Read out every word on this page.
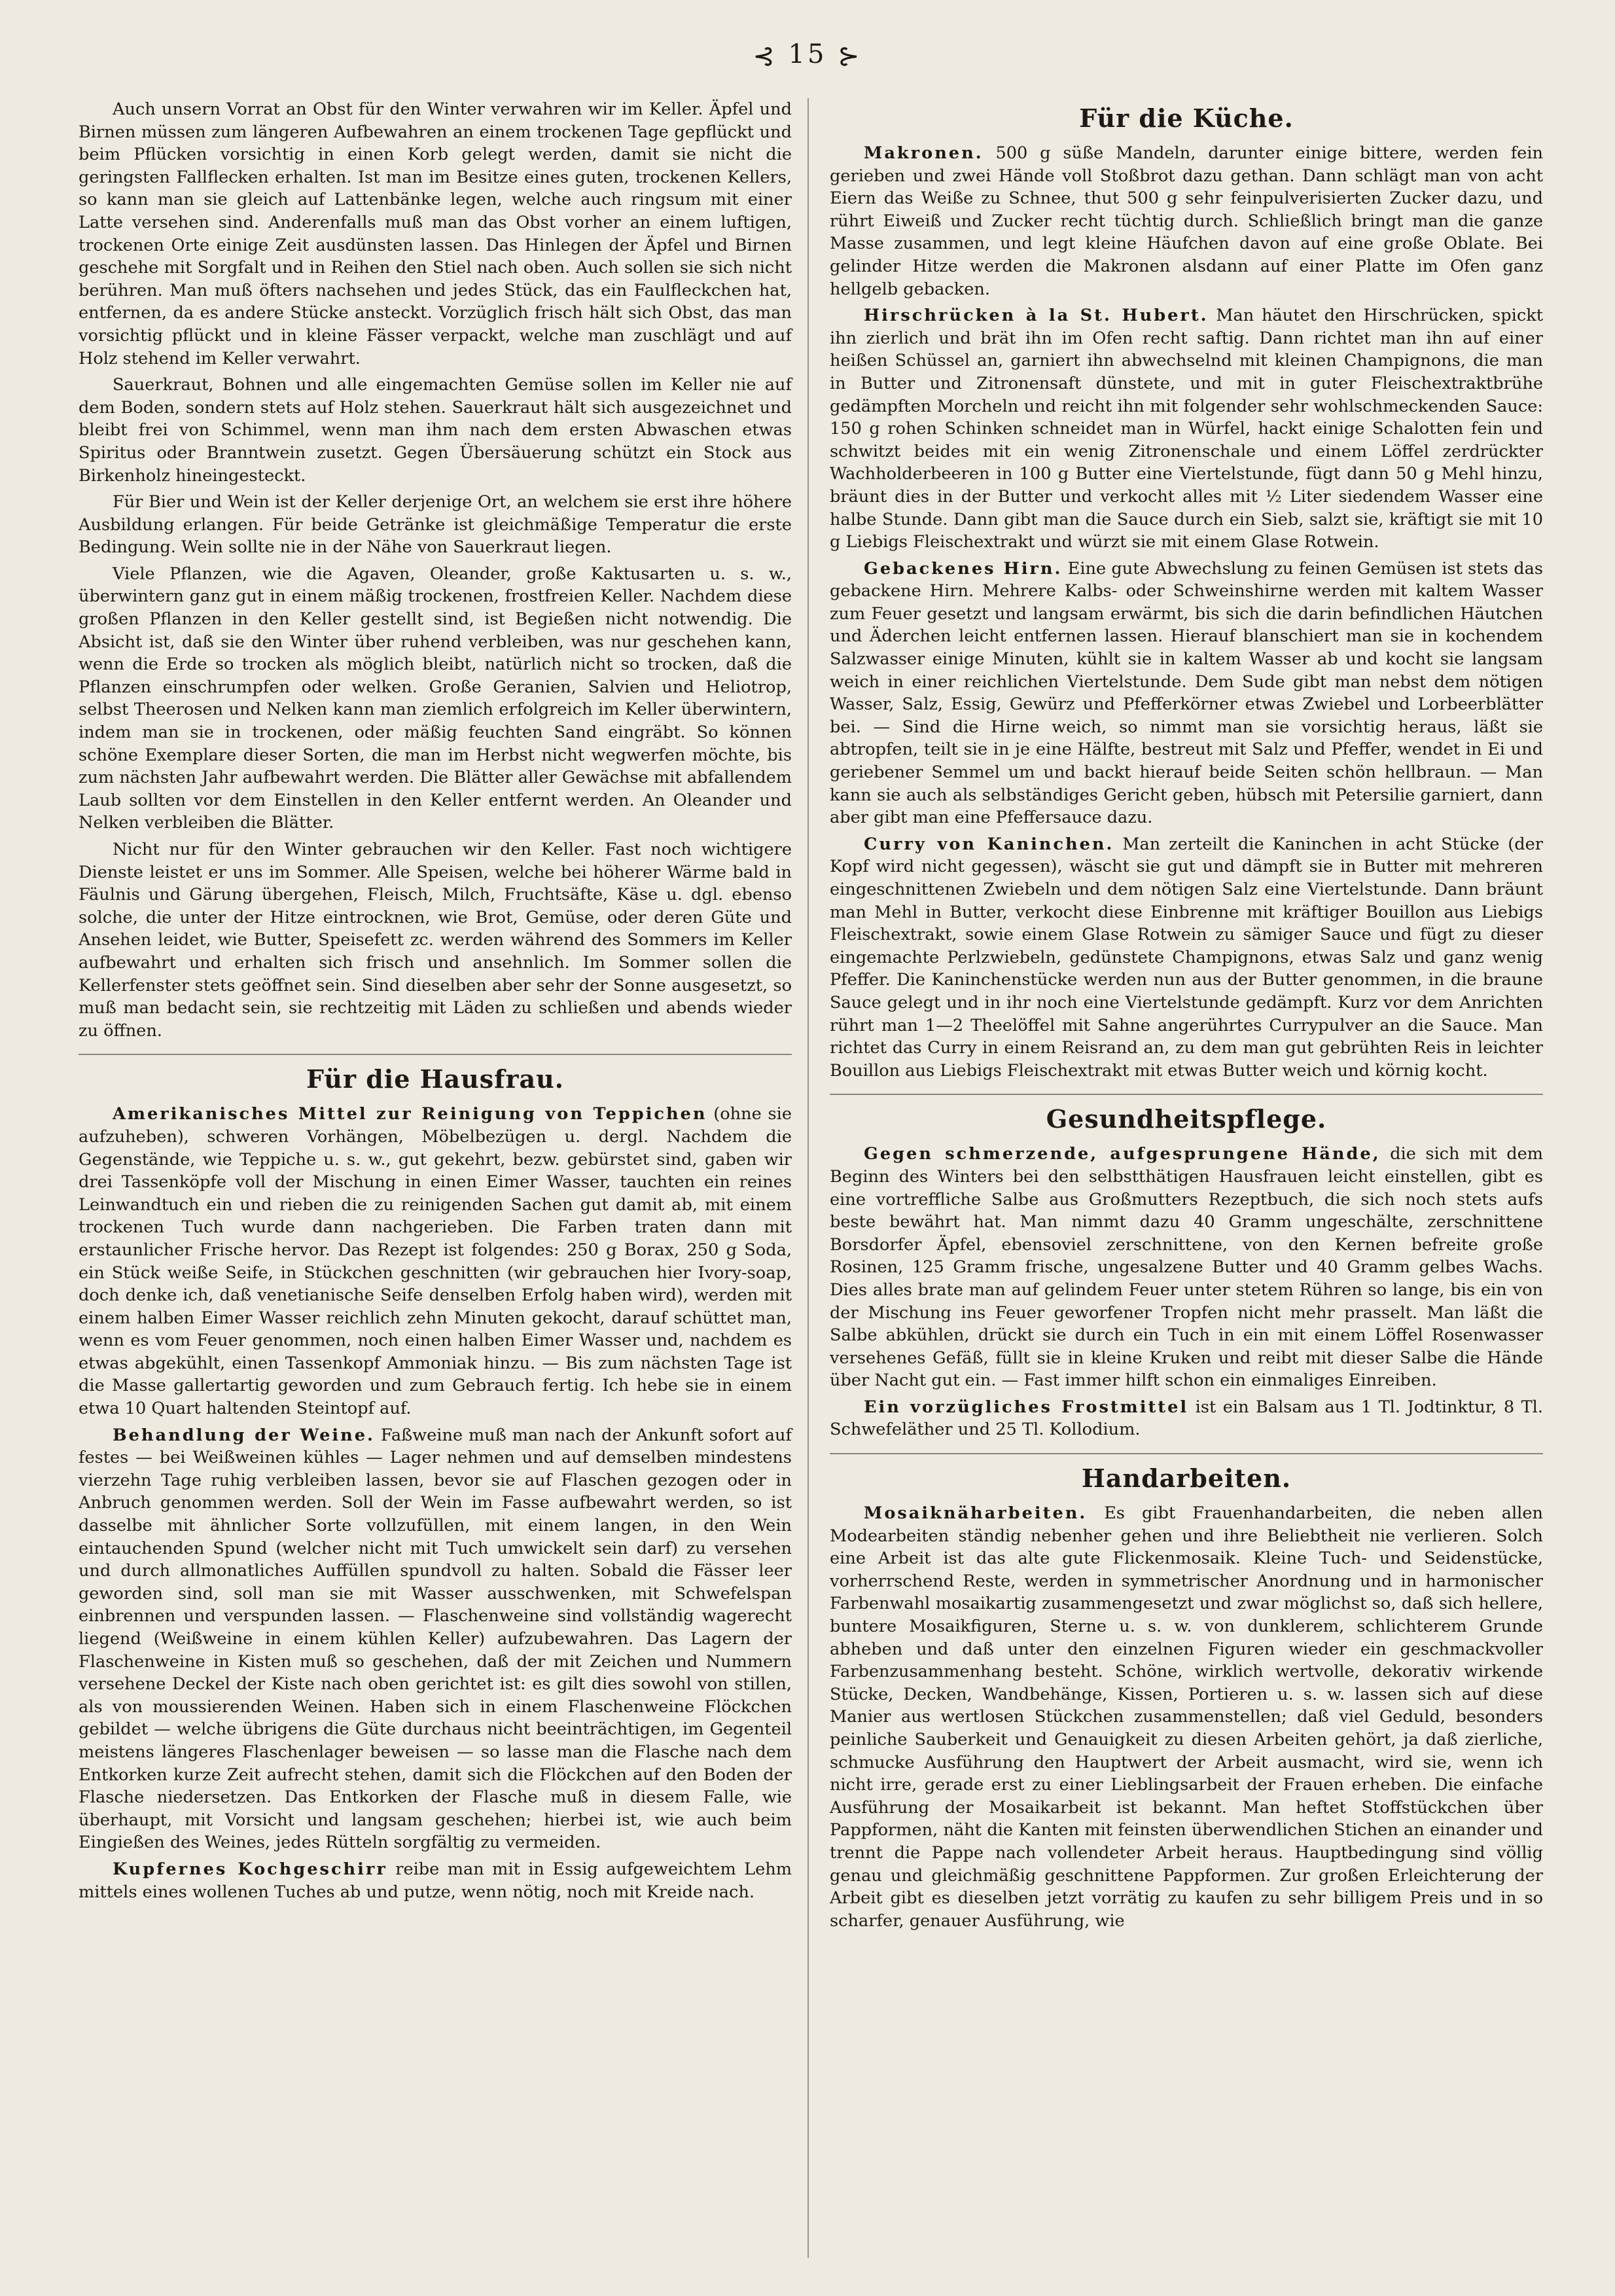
⊰ 15 ⊱

Auch unsern Vorrat an Obst für den Winter verwahren wir im Keller. Äpfel und Birnen müssen zum längeren Aufbewahren an einem trockenen Tage gepflückt und beim Pflücken vorsichtig in einen Korb gelegt werden, damit sie nicht die geringsten Fallflecken erhalten. Ist man im Besitze eines guten, trockenen Kellers, so kann man sie gleich auf Lattenbänke legen, welche auch ringsum mit einer Latte versehen sind. Anderenfalls muß man das Obst vorher an einem luftigen, trockenen Orte einige Zeit ausdünsten lassen. Das Hinlegen der Äpfel und Birnen geschehe mit Sorgfalt und in Reihen den Stiel nach oben. Auch sollen sie sich nicht berühren. Man muß öfters nachsehen und jedes Stück, das ein Faulfleckchen hat, entfernen, da es andere Stücke ansteckt. Vorzüglich frisch hält sich Obst, das man vorsichtig pflückt und in kleine Fässer verpackt, welche man zuschlägt und auf Holz stehend im Keller verwahrt.

Sauerkraut, Bohnen und alle eingemachten Gemüse sollen im Keller nie auf dem Boden, sondern stets auf Holz stehen. Sauerkraut hält sich ausgezeichnet und bleibt frei von Schimmel, wenn man ihm nach dem ersten Abwaschen etwas Spiritus oder Branntwein zusetzt. Gegen Übersäuerung schützt ein Stock aus Birkenholz hineingesteckt.

Für Bier und Wein ist der Keller derjenige Ort, an welchem sie erst ihre höhere Ausbildung erlangen. Für beide Getränke ist gleichmäßige Temperatur die erste Bedingung. Wein sollte nie in der Nähe von Sauerkraut liegen.

Viele Pflanzen, wie die Agaven, Oleander, große Kaktusarten u. s. w., überwintern ganz gut in einem mäßig trockenen, frostfreien Keller. Nachdem diese großen Pflanzen in den Keller gestellt sind, ist Begießen nicht notwendig. Die Absicht ist, daß sie den Winter über ruhend verbleiben, was nur geschehen kann, wenn die Erde so trocken als möglich bleibt, natürlich nicht so trocken, daß die Pflanzen einschrumpfen oder welken. Große Geranien, Salvien und Heliotrop, selbst Theerosen und Nelken kann man ziemlich erfolgreich im Keller überwintern, indem man sie in trockenen, oder mäßig feuchten Sand eingräbt. So können schöne Exemplare dieser Sorten, die man im Herbst nicht wegwerfen möchte, bis zum nächsten Jahr aufbewahrt werden. Die Blätter aller Gewächse mit abfallendem Laub sollten vor dem Einstellen in den Keller entfernt werden. An Oleander und Nelken verbleiben die Blätter.

Nicht nur für den Winter gebrauchen wir den Keller. Fast noch wichtigere Dienste leistet er uns im Sommer. Alle Speisen, welche bei höherer Wärme bald in Fäulnis und Gärung übergehen, Fleisch, Milch, Fruchtsäfte, Käse u. dgl. ebenso solche, die unter der Hitze eintrocknen, wie Brot, Gemüse, oder deren Güte und Ansehen leidet, wie Butter, Speisefett zc. werden während des Sommers im Keller aufbewahrt und erhalten sich frisch und ansehnlich. Im Sommer sollen die Kellerfenster stets geöffnet sein. Sind dieselben aber sehr der Sonne ausgesetzt, so muß man bedacht sein, sie rechtzeitig mit Läden zu schließen und abends wieder zu öffnen.

Für die Hausfrau.

Amerikanisches Mittel zur Reinigung von Teppichen (ohne sie aufzuheben), schweren Vorhängen, Möbelbezügen u. dergl. Nachdem die Gegenstände, wie Teppiche u. s. w., gut gekehrt, bezw. gebürstet sind, gaben wir drei Tassenköpfe voll der Mischung in einen Eimer Wasser, tauchten ein reines Leinwandtuch ein und rieben die zu reinigenden Sachen gut damit ab, mit einem trockenen Tuch wurde dann nachgerieben. Die Farben traten dann mit erstaunlicher Frische hervor. Das Rezept ist folgendes: 250 g Borax, 250 g Soda, ein Stück weiße Seife, in Stückchen geschnitten (wir gebrauchen hier Ivory-soap, doch denke ich, daß venetianische Seife denselben Erfolg haben wird), werden mit einem halben Eimer Wasser reichlich zehn Minuten gekocht, darauf schüttet man, wenn es vom Feuer genommen, noch einen halben Eimer Wasser und, nachdem es etwas abgekühlt, einen Tassenkopf Ammoniak hinzu. — Bis zum nächsten Tage ist die Masse gallertartig geworden und zum Gebrauch fertig. Ich hebe sie in einem etwa 10 Quart haltenden Steintopf auf.

Behandlung der Weine. Faßweine muß man nach der Ankunft sofort auf festes — bei Weißweinen kühles — Lager nehmen und auf demselben mindestens vierzehn Tage ruhig verbleiben lassen, bevor sie auf Flaschen gezogen oder in Anbruch genommen werden. Soll der Wein im Fasse aufbewahrt werden, so ist dasselbe mit ähnlicher Sorte vollzufüllen, mit einem langen, in den Wein eintauchenden Spund (welcher nicht mit Tuch umwickelt sein darf) zu versehen und durch allmonatliches Auffüllen spundvoll zu halten. Sobald die Fässer leer geworden sind, soll man sie mit Wasser ausschwenken, mit Schwefelspan einbrennen und verspunden lassen. — Flaschenweine sind vollständig wagerecht liegend (Weißweine in einem kühlen Keller) aufzubewahren. Das Lagern der Flaschenweine in Kisten muß so geschehen, daß der mit Zeichen und Nummern versehene Deckel der Kiste nach oben gerichtet ist: es gilt dies sowohl von stillen, als von moussierenden Weinen. Haben sich in einem Flaschenweine Flöckchen gebildet — welche übrigens die Güte durchaus nicht beeinträchtigen, im Gegenteil meistens längeres Flaschenlager beweisen — so lasse man die Flasche nach dem Entkorken kurze Zeit aufrecht stehen, damit sich die Flöckchen auf den Boden der Flasche niedersetzen. Das Entkorken der Flasche muß in diesem Falle, wie überhaupt, mit Vorsicht und langsam geschehen; hierbei ist, wie auch beim Eingießen des Weines, jedes Rütteln sorgfältig zu vermeiden.

Kupfernes Kochgeschirr reibe man mit in Essig aufgeweichtem Lehm mittels eines wollenen Tuches ab und putze, wenn nötig, noch mit Kreide nach.

Für die Küche.

Makronen. 500 g süße Mandeln, darunter einige bittere, werden fein gerieben und zwei Hände voll Stoßbrot dazu gethan. Dann schlägt man von acht Eiern das Weiße zu Schnee, thut 500 g sehr feinpulverisierten Zucker dazu, und rührt Eiweiß und Zucker recht tüchtig durch. Schließlich bringt man die ganze Masse zusammen, und legt kleine Häufchen davon auf eine große Oblate. Bei gelinder Hitze werden die Makronen alsdann auf einer Platte im Ofen ganz hellgelb gebacken.

Hirschrücken à la St. Hubert. Man häutet den Hirschrücken, spickt ihn zierlich und brät ihn im Ofen recht saftig. Dann richtet man ihn auf einer heißen Schüssel an, garniert ihn abwechselnd mit kleinen Champignons, die man in Butter und Zitronensaft dünstete, und mit in guter Fleischextraktbrühe gedämpften Morcheln und reicht ihn mit folgender sehr wohlschmeckenden Sauce: 150 g rohen Schinken schneidet man in Würfel, hackt einige Schalotten fein und schwitzt beides mit ein wenig Zitronenschale und einem Löffel zerdrückter Wachholderbeeren in 100 g Butter eine Viertelstunde, fügt dann 50 g Mehl hinzu, bräunt dies in der Butter und verkocht alles mit ½ Liter siedendem Wasser eine halbe Stunde. Dann gibt man die Sauce durch ein Sieb, salzt sie, kräftigt sie mit 10 g Liebigs Fleischextrakt und würzt sie mit einem Glase Rotwein.

Gebackenes Hirn. Eine gute Abwechslung zu feinen Gemüsen ist stets das gebackene Hirn. Mehrere Kalbs- oder Schweinshirne werden mit kaltem Wasser zum Feuer gesetzt und langsam erwärmt, bis sich die darin befindlichen Häutchen und Äderchen leicht entfernen lassen. Hierauf blanschiert man sie in kochendem Salzwasser einige Minuten, kühlt sie in kaltem Wasser ab und kocht sie langsam weich in einer reichlichen Viertelstunde. Dem Sude gibt man nebst dem nötigen Wasser, Salz, Essig, Gewürz und Pfefferkörner etwas Zwiebel und Lorbeerblätter bei. — Sind die Hirne weich, so nimmt man sie vorsichtig heraus, läßt sie abtropfen, teilt sie in je eine Hälfte, bestreut mit Salz und Pfeffer, wendet in Ei und geriebener Semmel um und backt hierauf beide Seiten schön hellbraun. — Man kann sie auch als selbständiges Gericht geben, hübsch mit Petersilie garniert, dann aber gibt man eine Pfeffersauce dazu.

Curry von Kaninchen. Man zerteilt die Kaninchen in acht Stücke (der Kopf wird nicht gegessen), wäscht sie gut und dämpft sie in Butter mit mehreren eingeschnittenen Zwiebeln und dem nötigen Salz eine Viertelstunde. Dann bräunt man Mehl in Butter, verkocht diese Einbrenne mit kräftiger Bouillon aus Liebigs Fleischextrakt, sowie einem Glase Rotwein zu sämiger Sauce und fügt zu dieser eingemachte Perlzwiebeln, gedünstete Champignons, etwas Salz und ganz wenig Pfeffer. Die Kaninchenstücke werden nun aus der Butter genommen, in die braune Sauce gelegt und in ihr noch eine Viertelstunde gedämpft. Kurz vor dem Anrichten rührt man 1—2 Theelöffel mit Sahne angerührtes Currypulver an die Sauce. Man richtet das Curry in einem Reisrand an, zu dem man gut gebrühten Reis in leichter Bouillon aus Liebigs Fleischextrakt mit etwas Butter weich und körnig kocht.

Gesundheitspflege.

Gegen schmerzende, aufgesprungene Hände, die sich mit dem Beginn des Winters bei den selbstthätigen Hausfrauen leicht einstellen, gibt es eine vortreffliche Salbe aus Großmutters Rezeptbuch, die sich noch stets aufs beste bewährt hat. Man nimmt dazu 40 Gramm ungeschälte, zerschnittene Borsdorfer Äpfel, ebensoviel zerschnittene, von den Kernen befreite große Rosinen, 125 Gramm frische, ungesalzene Butter und 40 Gramm gelbes Wachs. Dies alles brate man auf gelindem Feuer unter stetem Rühren so lange, bis ein von der Mischung ins Feuer geworfener Tropfen nicht mehr prasselt. Man läßt die Salbe abkühlen, drückt sie durch ein Tuch in ein mit einem Löffel Rosenwasser versehenes Gefäß, füllt sie in kleine Kruken und reibt mit dieser Salbe die Hände über Nacht gut ein. — Fast immer hilft schon ein einmaliges Einreiben.

Ein vorzügliches Frostmittel ist ein Balsam aus 1 Tl. Jodtinktur, 8 Tl. Schwefeläther und 25 Tl. Kollodium.

Handarbeiten.

Mosaiknäharbeiten. Es gibt Frauenhandarbeiten, die neben allen Modearbeiten ständig nebenher gehen und ihre Beliebtheit nie verlieren. Solch eine Arbeit ist das alte gute Flickenmosaik. Kleine Tuch- und Seidenstücke, vorherrschend Reste, werden in symmetrischer Anordnung und in harmonischer Farbenwahl mosaikartig zusammengesetzt und zwar möglichst so, daß sich hellere, buntere Mosaikfiguren, Sterne u. s. w. von dunklerem, schlichterem Grunde abheben und daß unter den einzelnen Figuren wieder ein geschmackvoller Farbenzusammenhang besteht. Schöne, wirklich wertvolle, dekorativ wirkende Stücke, Decken, Wandbehänge, Kissen, Portieren u. s. w. lassen sich auf diese Manier aus wertlosen Stückchen zusammenstellen; daß viel Geduld, besonders peinliche Sauberkeit und Genauigkeit zu diesen Arbeiten gehört, ja daß zierliche, schmucke Ausführung den Hauptwert der Arbeit ausmacht, wird sie, wenn ich nicht irre, gerade erst zu einer Lieblingsarbeit der Frauen erheben. Die einfache Ausführung der Mosaikarbeit ist bekannt. Man heftet Stoffstückchen über Pappformen, näht die Kanten mit feinsten überwendlichen Stichen an einander und trennt die Pappe nach vollendeter Arbeit heraus. Hauptbedingung sind völlig genau und gleichmäßig geschnittene Pappformen. Zur großen Erleichterung der Arbeit gibt es dieselben jetzt vorrätig zu kaufen zu sehr billigem Preis und in so scharfer, genauer Ausführung, wie
